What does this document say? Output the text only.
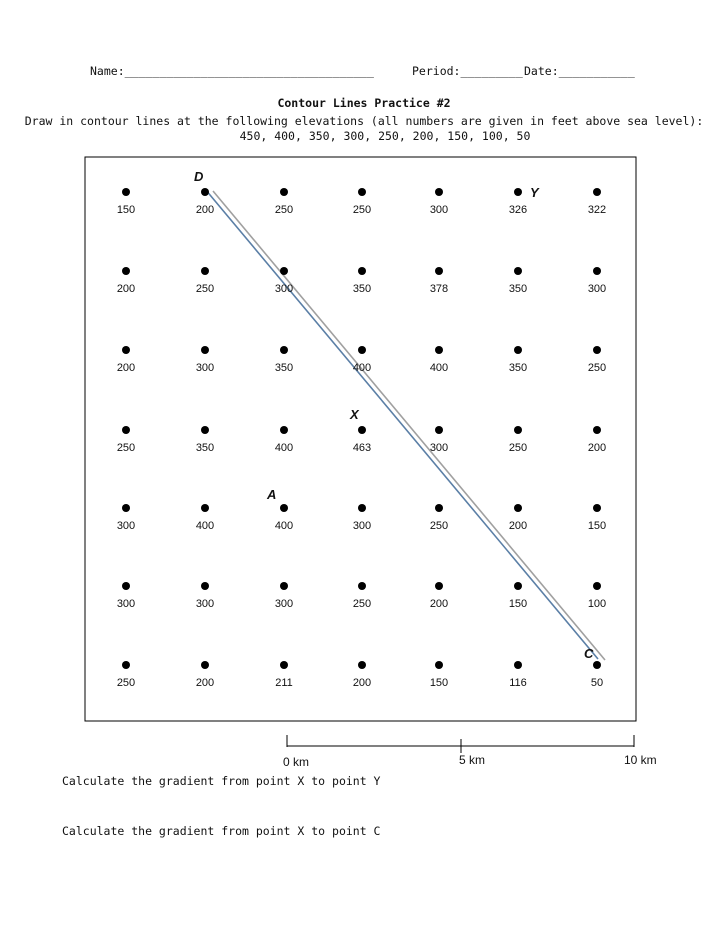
Name:____________________________________	Period:_________ Date:___________
Contour Lines Practice #2
Draw in contour lines at the following elevations (all numbers are given in feet above sea level):
450, 400, 350, 300, 250, 200, 150, 100, 50
150	200	250	250	300	326	322
200	250	300	350	378	350	300
200	300	350	400	400	350	250
250	350	400	463	300	250	200
300	400	400	300	250	200	150
300	300	300	250	200	150	100
250	200	211	200	150	116	50
D
Y
X
A
C
0 km	5 km	10 km
Calculate the gradient from point X to point Y
Calculate the gradient from point X to point C
